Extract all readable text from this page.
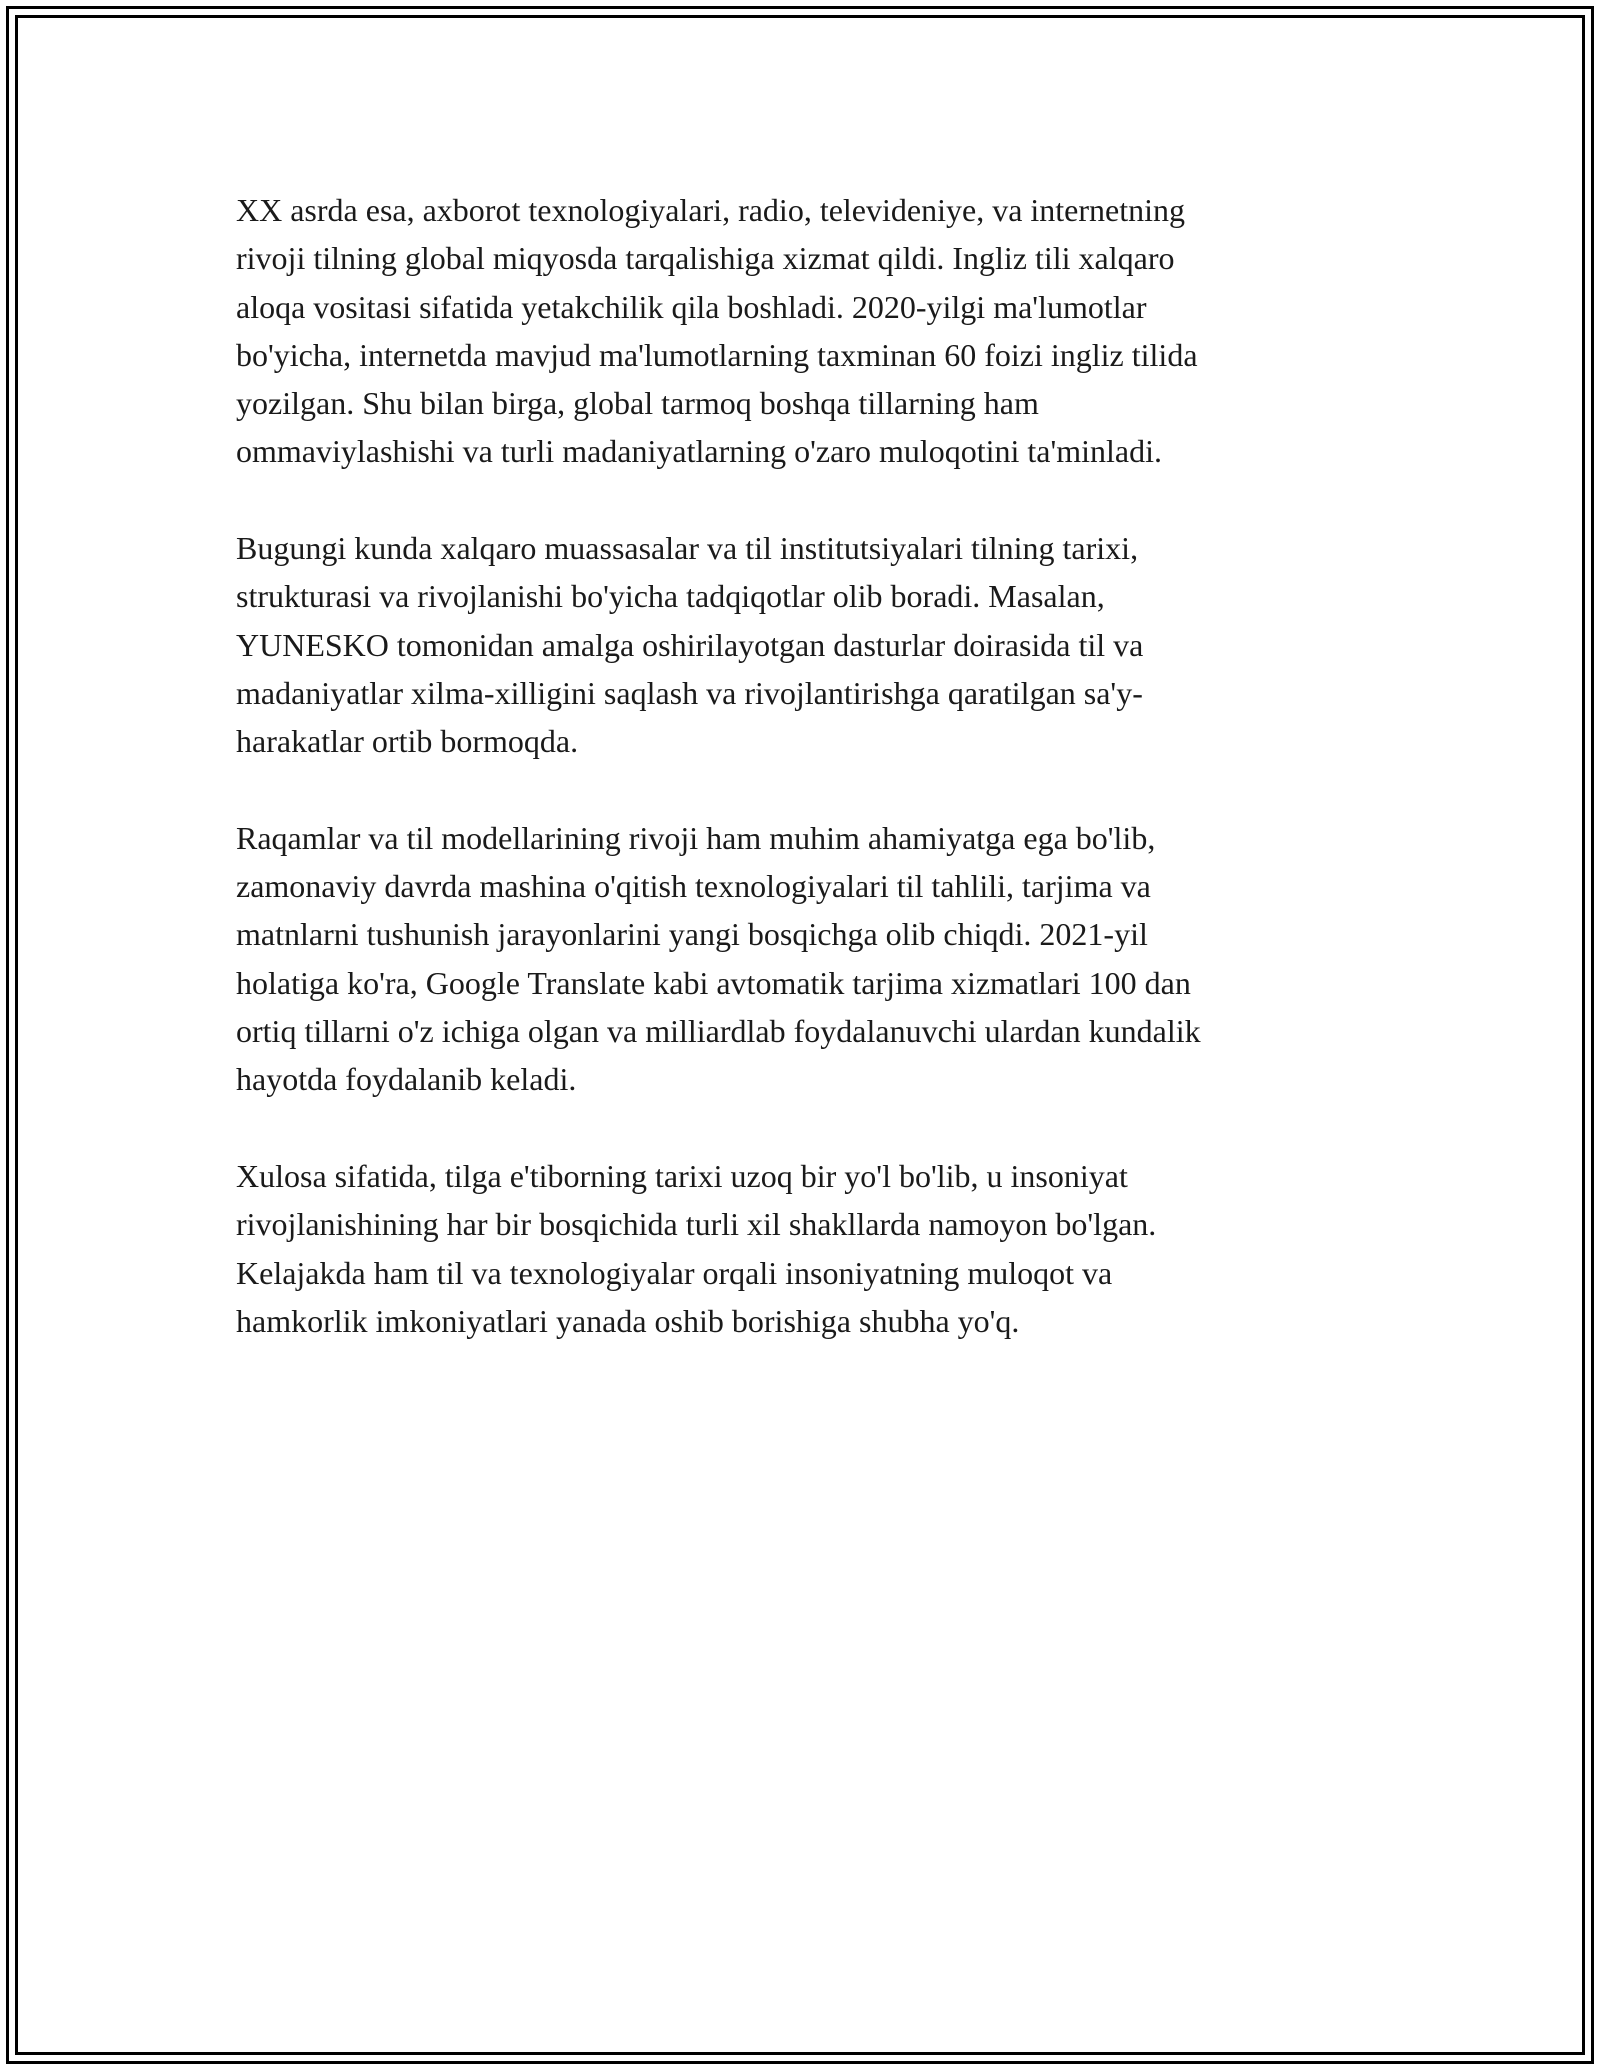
XX asrda esa, axborot texnologiyalari, radio, televideniye, va internetning
rivoji tilning global miqyosda tarqalishiga xizmat qildi. Ingliz tili xalqaro
aloqa vositasi sifatida yetakchilik qila boshladi. 2020-yilgi ma'lumotlar
bo'yicha, internetda mavjud ma'lumotlarning taxminan 60 foizi ingliz tilida
yozilgan. Shu bilan birga, global tarmoq boshqa tillarning ham
ommaviylashishi va turli madaniyatlarning o'zaro muloqotini ta'minladi.

Bugungi kunda xalqaro muassasalar va til institutsiyalari tilning tarixi,
strukturasi va rivojlanishi bo'yicha tadqiqotlar olib boradi. Masalan,
YUNESKO tomonidan amalga oshirilayotgan dasturlar doirasida til va
madaniyatlar xilma-xilligini saqlash va rivojlantirishga qaratilgan sa'y-
harakatlar ortib bormoqda.

Raqamlar va til modellarining rivoji ham muhim ahamiyatga ega bo'lib,
zamonaviy davrda mashina o'qitish texnologiyalari til tahlili, tarjima va
matnlarni tushunish jarayonlarini yangi bosqichga olib chiqdi. 2021-yil
holatiga ko'ra, Google Translate kabi avtomatik tarjima xizmatlari 100 dan
ortiq tillarni o'z ichiga olgan va milliardlab foydalanuvchi ulardan kundalik
hayotda foydalanib keladi.

Xulosa sifatida, tilga e'tiborning tarixi uzoq bir yo'l bo'lib, u insoniyat
rivojlanishining har bir bosqichida turli xil shakllarda namoyon bo'lgan.
Kelajakda ham til va texnologiyalar orqali insoniyatning muloqot va
hamkorlik imkoniyatlari yanada oshib borishiga shubha yo'q.
